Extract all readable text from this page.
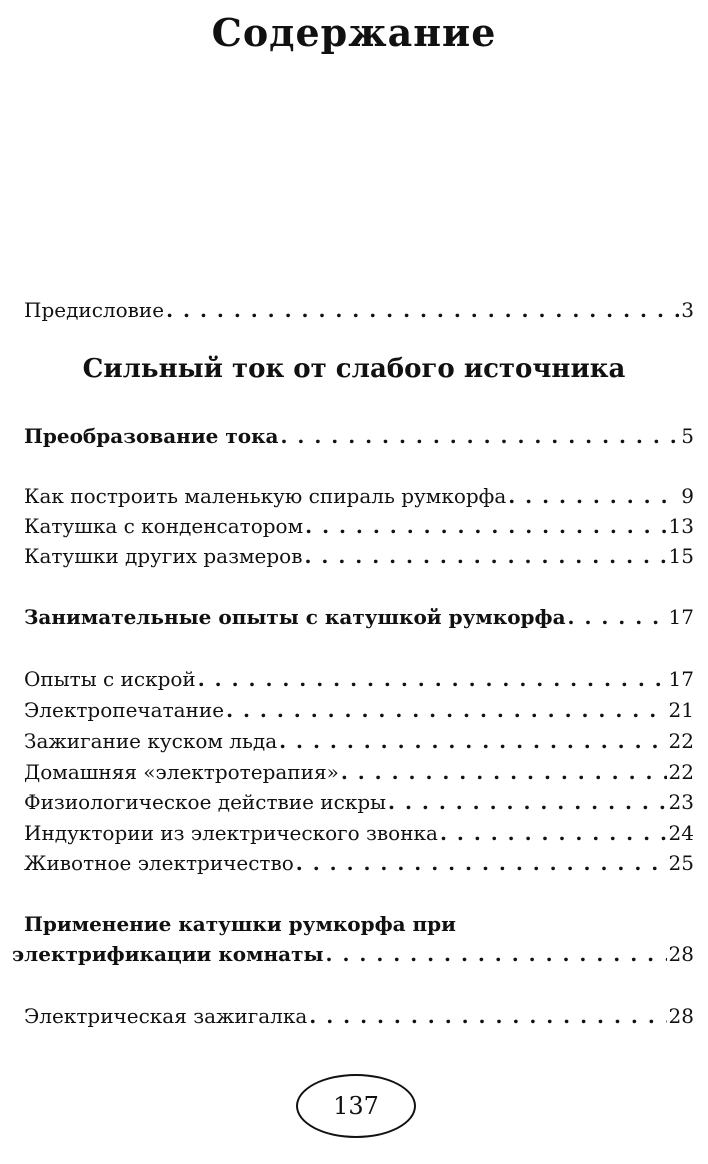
Содержание
Предисловие . . .	3
Сильный ток от слабого источника
Преобразование тока . . .	5
Как построить маленькую спираль румкорфа . . .	9
Катушка с конденсатором . . .	13
Катушки других размеров . . .	15
Занимательные опыты с катушкой румкорфа . . .	17
Опыты с искрой . . .	17
Электропечатание . . .	21
Зажигание куском льда . . .	22
Домашняя «электротерапия» . . .	22
Физиологическое действие искры . . .	23
Индуктории из электрического звонка . . .	24
Животное электричество . . .	25
Применение катушки румкорфа при
электрификации комнаты . . .	28
Электрическая зажигалка . . .	28
137
